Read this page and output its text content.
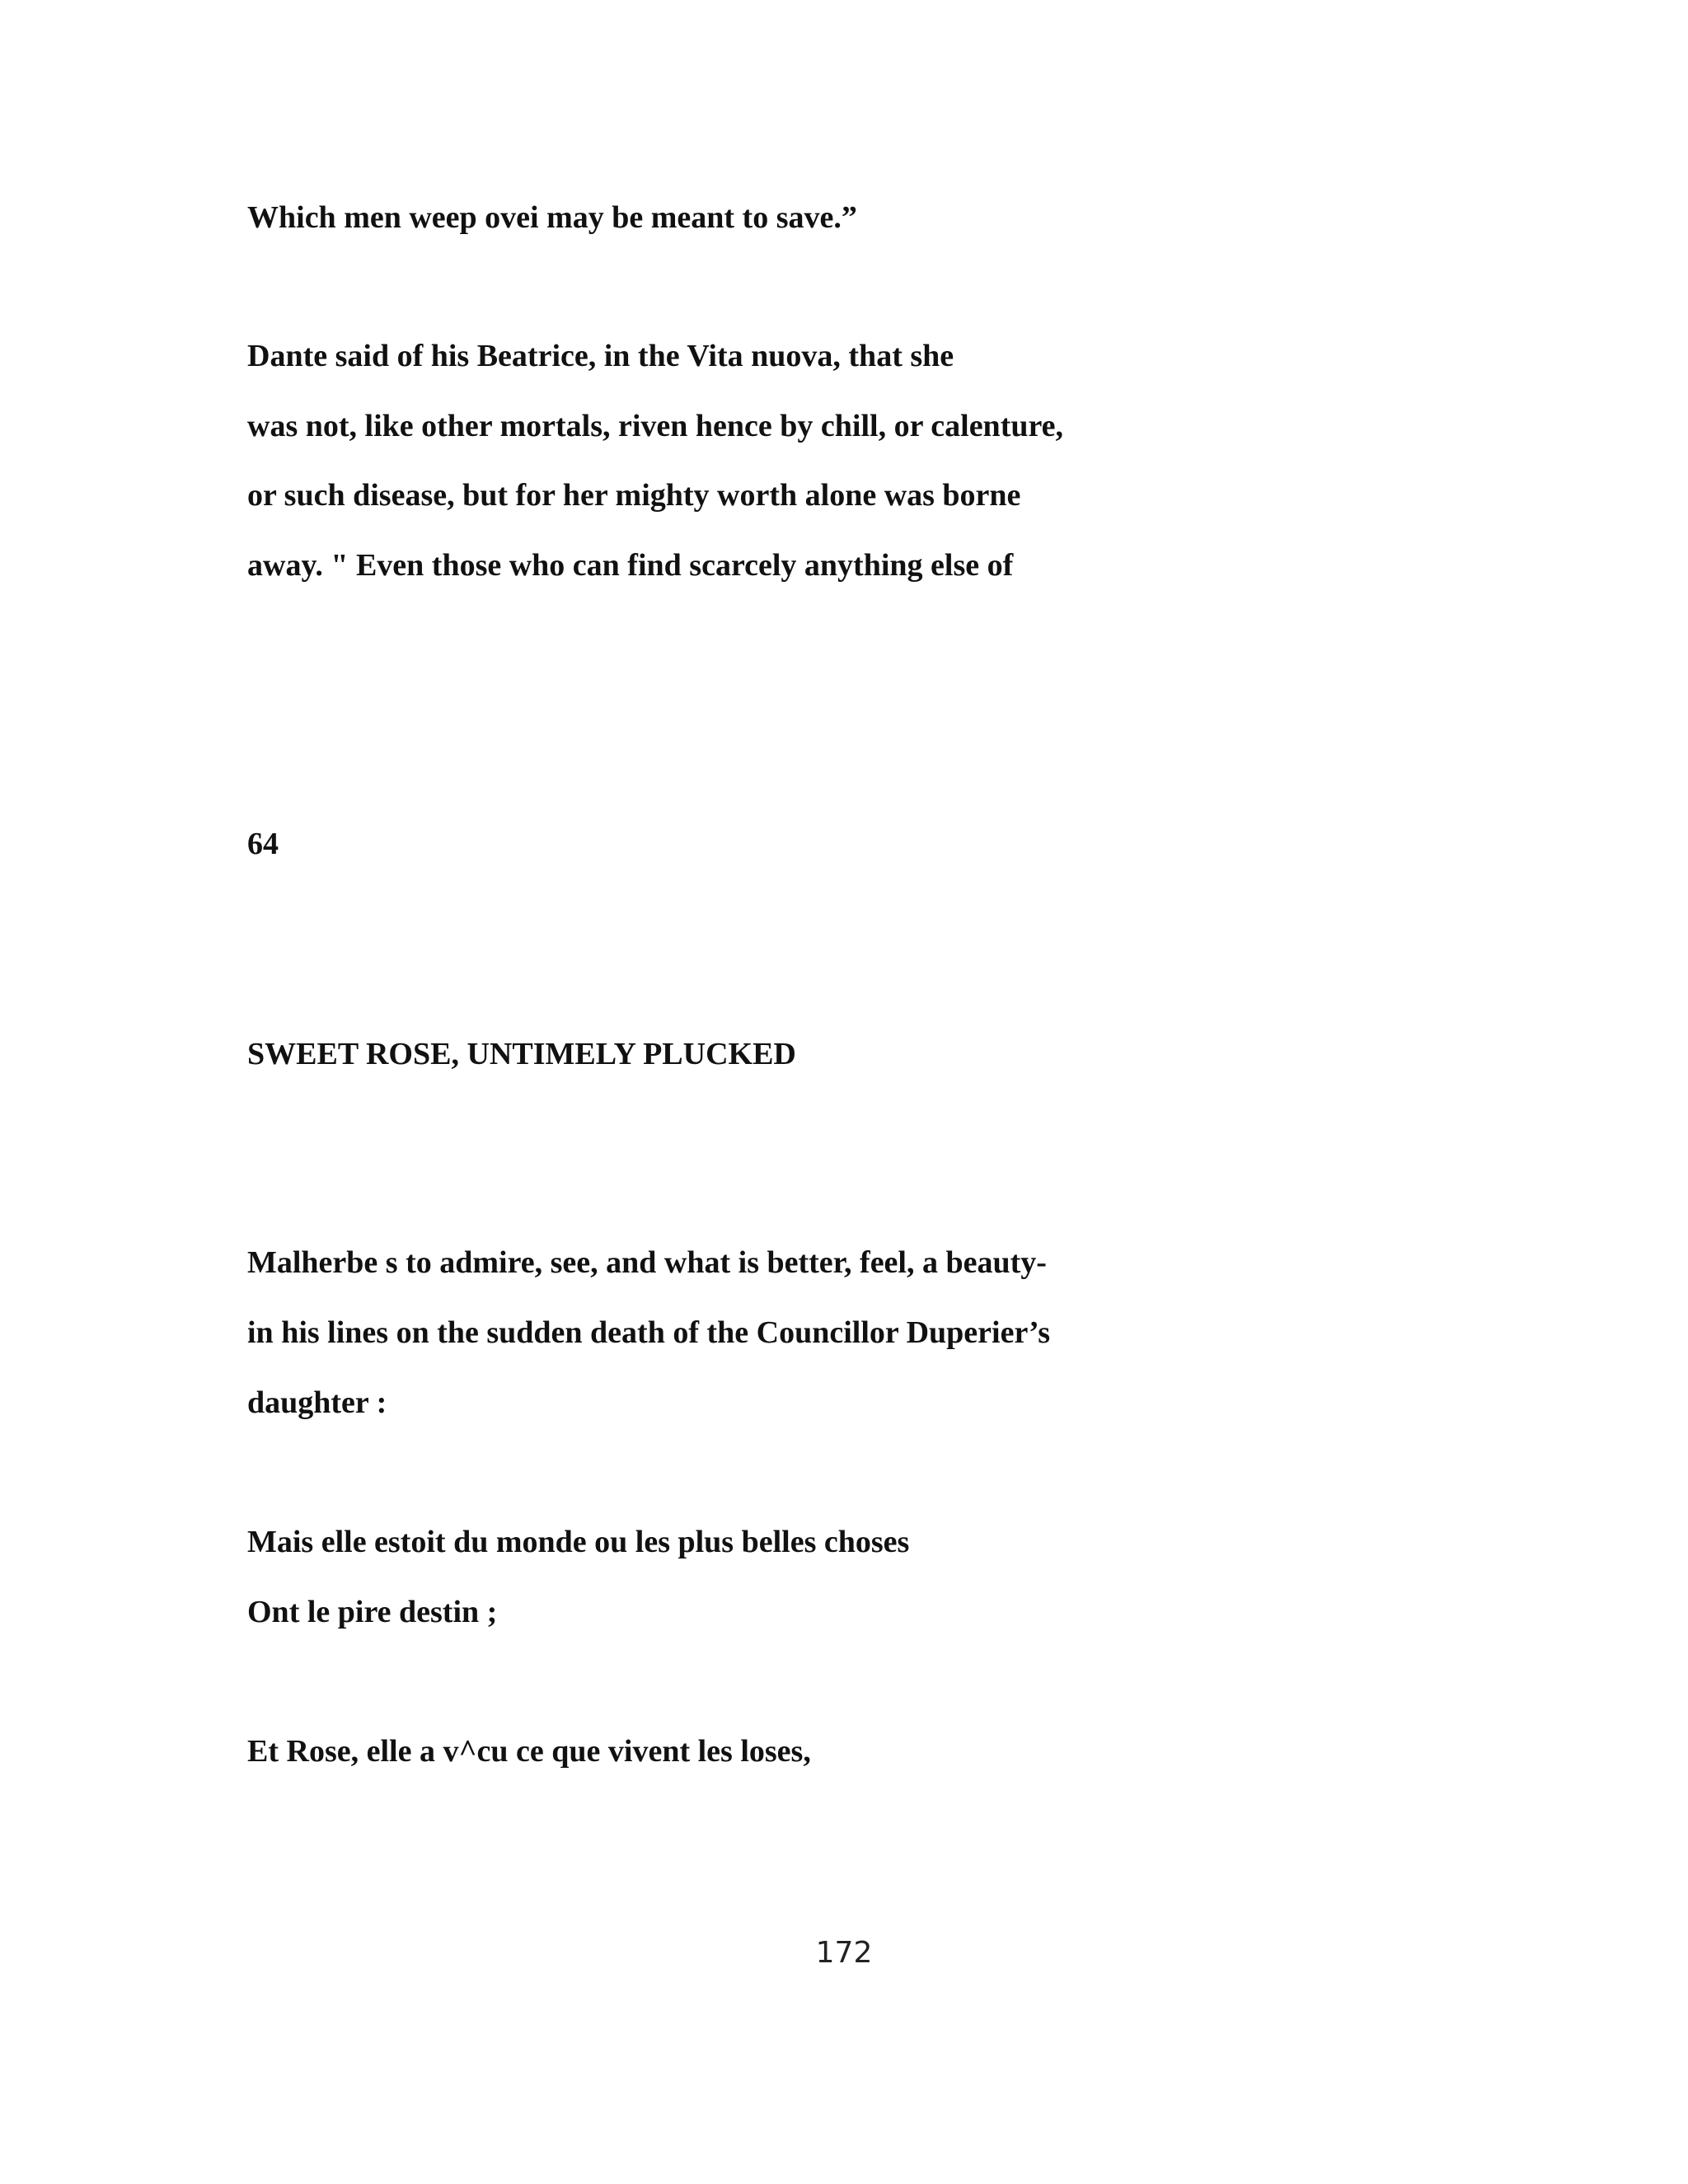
Which men weep ovei may be meant to save.”

Dante said of his Beatrice, in the Vita nuova, that she

was not, like other mortals, riven hence by chill, or calenture,

or such disease, but for her mighty worth alone was borne

away. " Even those who can find scarcely anything else of

64

SWEET ROSE, UNTIMELY PLUCKED

Malherbe s to admire, see, and what is better, feel, a beauty-

in his lines on the sudden death of the Councillor Duperier’s

daughter :

Mais elle estoit du monde ou les plus belles choses

Ont le pire destin ;

Et Rose, elle a v^cu ce que vivent les loses,

172
